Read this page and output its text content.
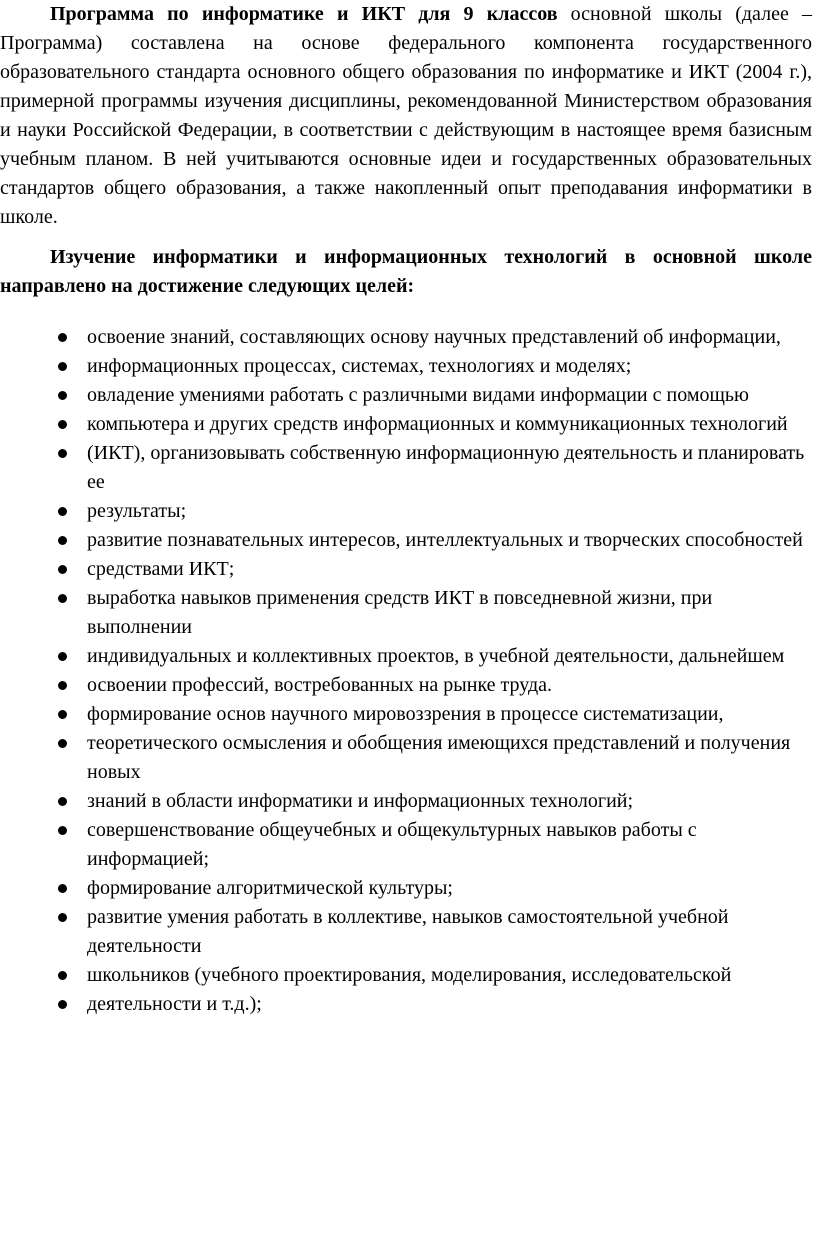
Программа по информатике и ИКТ для 9 классов основной школы (далее – Программа) составлена на основе федерального компонента государственного образовательного стандарта основного общего образования по информатике и ИКТ (2004 г.), примерной программы изучения дисциплины, рекомендованной Министерством образования и науки Российской Федерации, в соответствии с действующим в настоящее время базисным учебным планом. В ней учитываются основные идеи и государственных образовательных стандартов общего образования, а также накопленный опыт преподавания информатики в школе.

Изучение информатики и информационных технологий в основной школе направлено на достижение следующих целей:

освоение знаний, составляющих основу научных представлений об информации,
информационных процессах, системах, технологиях и моделях;
овладение умениями работать с различными видами информации с помощью
компьютера и других средств информационных и коммуникационных технологий
(ИКТ), организовывать собственную информационную деятельность и планировать ее
результаты;
развитие познавательных интересов, интеллектуальных и творческих способностей
средствами ИКТ;
выработка навыков применения средств ИКТ в повседневной жизни, при выполнении
индивидуальных и коллективных проектов, в учебной деятельности, дальнейшем
освоении профессий, востребованных на рынке труда.
формирование основ научного мировоззрения в процессе систематизации,
теоретического осмысления и обобщения имеющихся представлений и получения новых
знаний в области информатики и информационных технологий;
совершенствование общеучебных и общекультурных навыков работы с информацией;
формирование алгоритмической культуры;
развитие умения работать в коллективе, навыков самостоятельной учебной деятельности
школьников (учебного проектирования, моделирования, исследовательской
деятельности и т.д.);
